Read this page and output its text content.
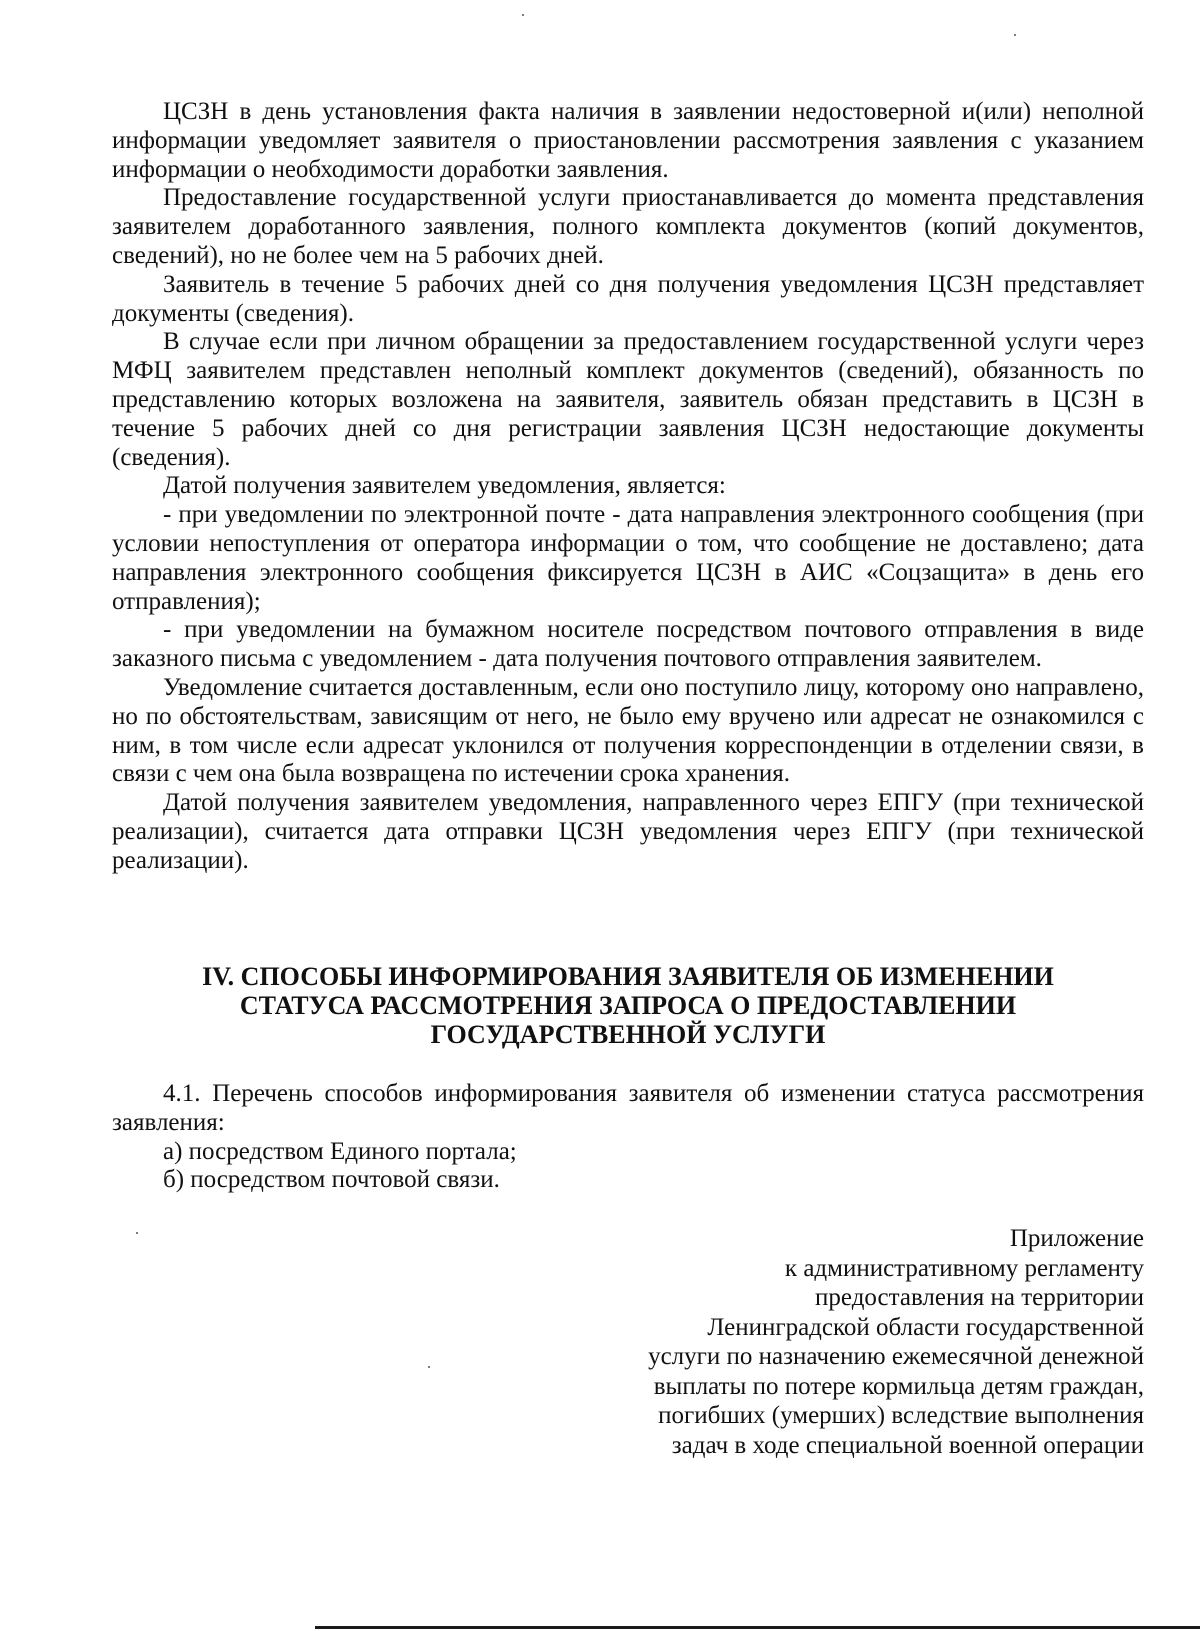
ЦСЗН в день установления факта наличия в заявлении недостоверной и(или) неполной информации уведомляет заявителя о приостановлении рассмотрения заявления с указанием информации о необходимости доработки заявления.

Предоставление государственной услуги приостанавливается до момента представления заявителем доработанного заявления, полного комплекта документов (копий документов, сведений), но не более чем на 5 рабочих дней.

Заявитель в течение 5 рабочих дней со дня получения уведомления ЦСЗН представляет документы (сведения).

В случае если при личном обращении за предоставлением государственной услуги через МФЦ заявителем представлен неполный комплект документов (сведений), обязанность по представлению которых возложена на заявителя, заявитель обязан представить в ЦСЗН в течение 5 рабочих дней со дня регистрации заявления ЦСЗН недостающие документы (сведения).

Датой получения заявителем уведомления, является:

- при уведомлении по электронной почте - дата направления электронного сообщения (при условии непоступления от оператора информации о том, что сообщение не доставлено; дата направления электронного сообщения фиксируется ЦСЗН в АИС «Соцзащита» в день его отправления);

- при уведомлении на бумажном носителе посредством почтового отправления в виде заказного письма с уведомлением - дата получения почтового отправления заявителем.

Уведомление считается доставленным, если оно поступило лицу, которому оно направлено, но по обстоятельствам, зависящим от него, не было ему вручено или адресат не ознакомился с ним, в том числе если адресат уклонился от получения корреспонденции в отделении связи, в связи с чем она была возвращена по истечении срока хранения.

Датой получения заявителем уведомления, направленного через ЕПГУ (при технической реализации), считается дата отправки ЦСЗН уведомления через ЕПГУ (при технической реализации).

IV. СПОСОБЫ ИНФОРМИРОВАНИЯ ЗАЯВИТЕЛЯ ОБ ИЗМЕНЕНИИ
СТАТУСА РАССМОТРЕНИЯ ЗАПРОСА О ПРЕДОСТАВЛЕНИИ
ГОСУДАРСТВЕННОЙ УСЛУГИ

4.1. Перечень способов информирования заявителя об изменении статуса рассмотрения заявления:

а) посредством Единого портала;

б) посредством почтовой связи.

Приложение
к административному регламенту
предоставления на территории
Ленинградской области государственной
услуги по назначению ежемесячной денежной
выплаты по потере кормильца детям граждан,
погибших (умерших) вследствие выполнения
задач в ходе специальной военной операции
